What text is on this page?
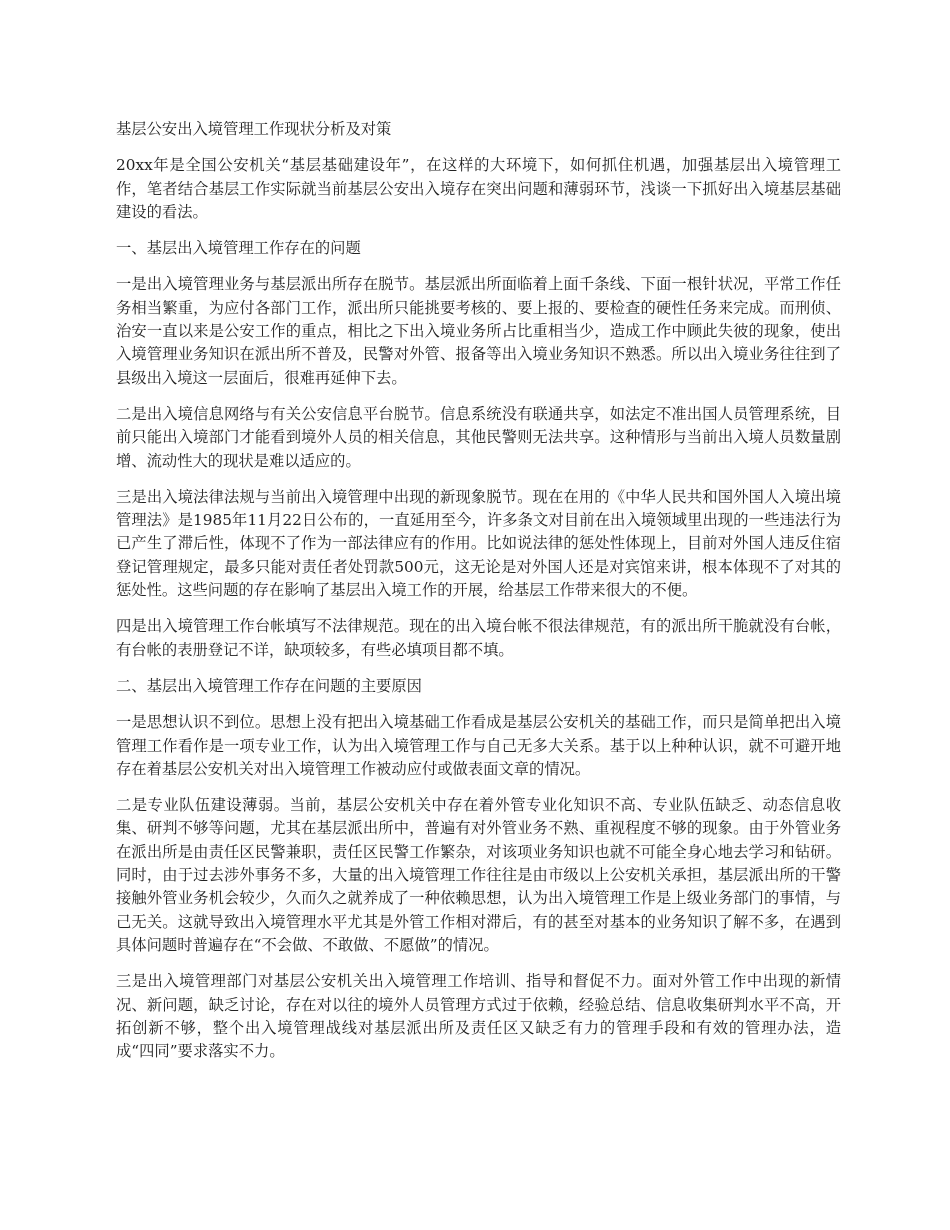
基层公安出入境管理工作现状分析及对策

20xx年是全国公安机关“基层基础建设年”，在这样的大环境下，如何抓住机遇，加强基层出入境管理工作，笔者结合基层工作实际就当前基层公安出入境存在突出问题和薄弱环节，浅谈一下抓好出入境基层基础建设的看法。

一、基层出入境管理工作存在的问题

一是出入境管理业务与基层派出所存在脱节。基层派出所面临着上面千条线、下面一根针状况，平常工作任务相当繁重，为应付各部门工作，派出所只能挑要考核的、要上报的、要检查的硬性任务来完成。而刑侦、治安一直以来是公安工作的重点，相比之下出入境业务所占比重相当少，造成工作中顾此失彼的现象，使出入境管理业务知识在派出所不普及，民警对外管、报备等出入境业务知识不熟悉。所以出入境业务往往到了县级出入境这一层面后，很难再延伸下去。

二是出入境信息网络与有关公安信息平台脱节。信息系统没有联通共享，如法定不准出国人员管理系统，目前只能出入境部门才能看到境外人员的相关信息，其他民警则无法共享。这种情形与当前出入境人员数量剧增、流动性大的现状是难以适应的。

三是出入境法律法规与当前出入境管理中出现的新现象脱节。现在在用的《中华人民共和国外国人入境出境管理法》是1985年11月22日公布的，一直延用至今，许多条文对目前在出入境领域里出现的一些违法行为已产生了滞后性，体现不了作为一部法律应有的作用。比如说法律的惩处性体现上，目前对外国人违反住宿登记管理规定，最多只能对责任者处罚款500元，这无论是对外国人还是对宾馆来讲，根本体现不了对其的惩处性。这些问题的存在影响了基层出入境工作的开展，给基层工作带来很大的不便。

四是出入境管理工作台帐填写不法律规范。现在的出入境台帐不很法律规范，有的派出所干脆就没有台帐，有台帐的表册登记不详，缺项较多，有些必填项目都不填。

二、基层出入境管理工作存在问题的主要原因

一是思想认识不到位。思想上没有把出入境基础工作看成是基层公安机关的基础工作，而只是简单把出入境管理工作看作是一项专业工作，认为出入境管理工作与自己无多大关系。基于以上种种认识，就不可避开地存在着基层公安机关对出入境管理工作被动应付或做表面文章的情况。

二是专业队伍建设薄弱。当前，基层公安机关中存在着外管专业化知识不高、专业队伍缺乏、动态信息收集、研判不够等问题，尤其在基层派出所中，普遍有对外管业务不熟、重视程度不够的现象。由于外管业务在派出所是由责任区民警兼职，责任区民警工作繁杂，对该项业务知识也就不可能全身心地去学习和钻研。同时，由于过去涉外事务不多，大量的出入境管理工作往往是由市级以上公安机关承担，基层派出所的干警接触外管业务机会较少，久而久之就养成了一种依赖思想，认为出入境管理工作是上级业务部门的事情，与己无关。这就导致出入境管理水平尤其是外管工作相对滞后，有的甚至对基本的业务知识了解不多，在遇到具体问题时普遍存在“不会做、不敢做、不愿做”的情况。

三是出入境管理部门对基层公安机关出入境管理工作培训、指导和督促不力。面对外管工作中出现的新情况、新问题，缺乏讨论，存在对以往的境外人员管理方式过于依赖，经验总结、信息收集研判水平不高，开拓创新不够，整个出入境管理战线对基层派出所及责任区又缺乏有力的管理手段和有效的管理办法，造成“四同”要求落实不力。
